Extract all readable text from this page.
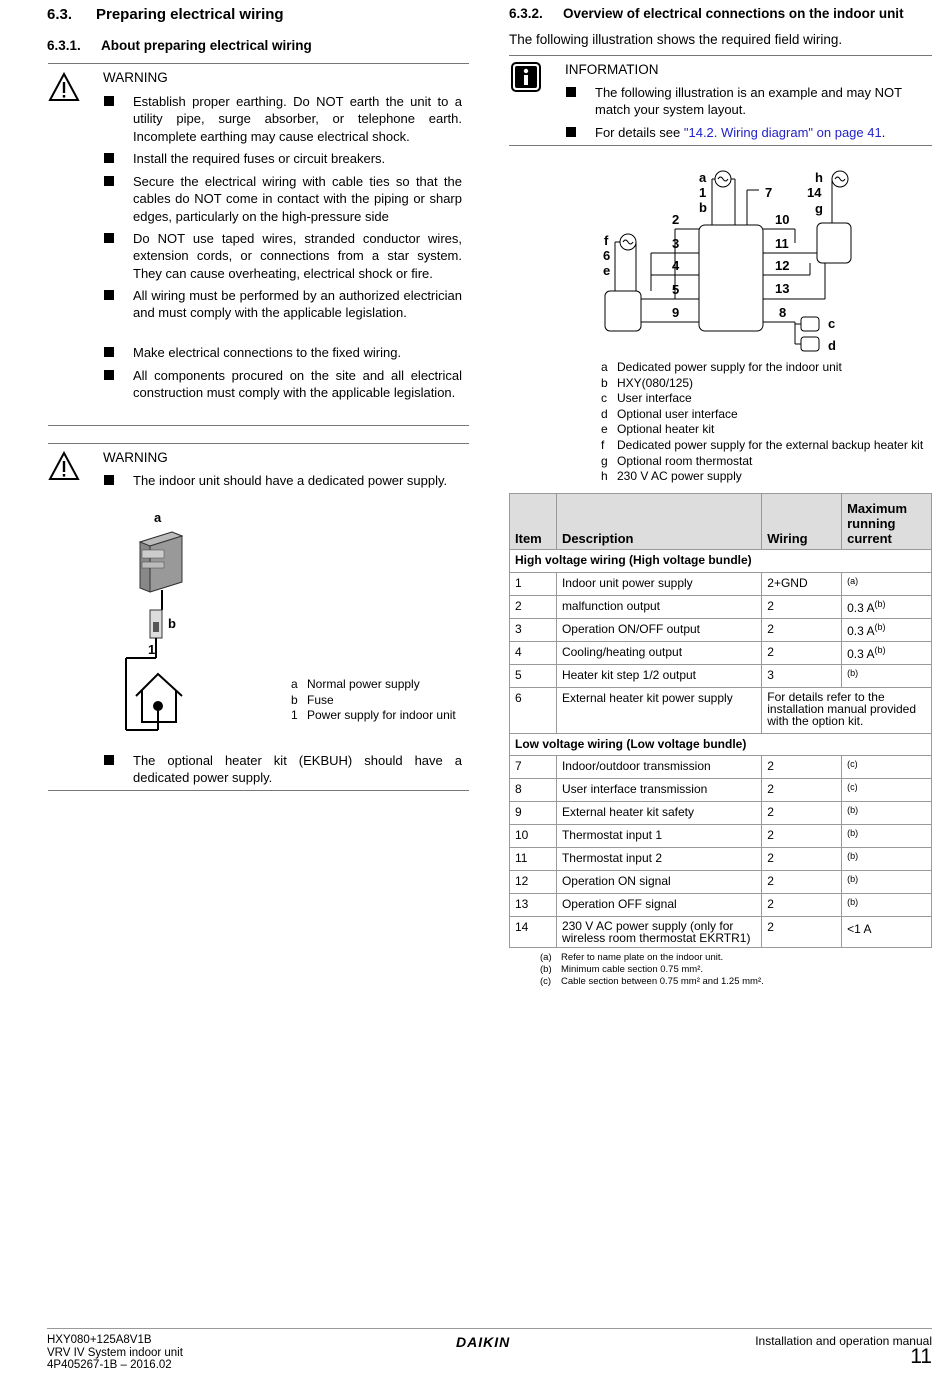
6.3. Preparing electrical wiring
6.3.1. About preparing electrical wiring
WARNING
Establish proper earthing. Do NOT earth the unit to a utility pipe, surge absorber, or telephone earth. Incomplete earthing may cause electrical shock.
Install the required fuses or circuit breakers.
Secure the electrical wiring with cable ties so that the cables do NOT come in contact with the piping or sharp edges, particularly on the high-pressure side
Do NOT use taped wires, stranded conductor wires, extension cords, or connections from a star system. They can cause overheating, electrical shock or fire.
All wiring must be performed by an authorized electrician and must comply with the applicable legislation.
Make electrical connections to the fixed wiring.
All components procured on the site and all electrical construction must comply with the applicable legislation.
WARNING
The indoor unit should have a dedicated power supply.
a
b
1
a Normal power supply
b Fuse
1 Power supply for indoor unit
The optional heater kit (EKBUH) should have a dedicated power supply.
6.3.2. Overview of electrical connections on the indoor unit
The following illustration shows the required field wiring.
INFORMATION
The following illustration is an example and may NOT match your system layout.
For details see "14.2. Wiring diagram" on page 41.
a
1
b
7
h
14
g
2	10
f
6
e
3	11
4	12
5	13
9	8
c
d
a Dedicated power supply for the indoor unit
b HXY(080/125)
c User interface
d Optional user interface
e Optional heater kit
f Dedicated power supply for the external backup heater kit
g Optional room thermostat
h 230 V AC power supply
Item	Description	Wiring	Maximum running current
High voltage wiring (High voltage bundle)			
1	Indoor unit power supply	2+GND	$^{(a)}$
2	malfunction output	2	0.3 $A^{(b)}$
3	Operation ON/OFF output	2	0.3 $A^{(b)}$
4	Cooling/heating output	2	0.3 $A^{(b)}$
5	Heater kit step 1/2 output	3	$^{(b)}$
6	External heater kit power supply	For details refer to the installation manual provided with the option kit.	
Low voltage wiring (Low voltage bundle)			
7	Indoor/outdoor transmission	2	$^{(c)}$
8	User interface transmission	2	$^{(c)}$
9	External heater kit safety	2	$^{(b)}$
10	Thermostat input 1	2	$^{(b)}$
11	Thermostat input 2	2	$^{(b)}$
12	Operation ON signal	2	$^{(b)}$
13	Operation OFF signal	2	$^{(b)}$
14	230 V AC power supply (only for wireless room thermostat EKRTR1)	2	<1 A
(a) Refer to name plate on the indoor unit.
(b) Minimum cable section 0.75 mm².
(c) Cable section between 0.75 mm² and 1.25 mm².
HXY080+125A8V1B
VRV IV System indoor unit
4P405267-1B – 2016.02
DAIKIN	Installation and operation manual
11
